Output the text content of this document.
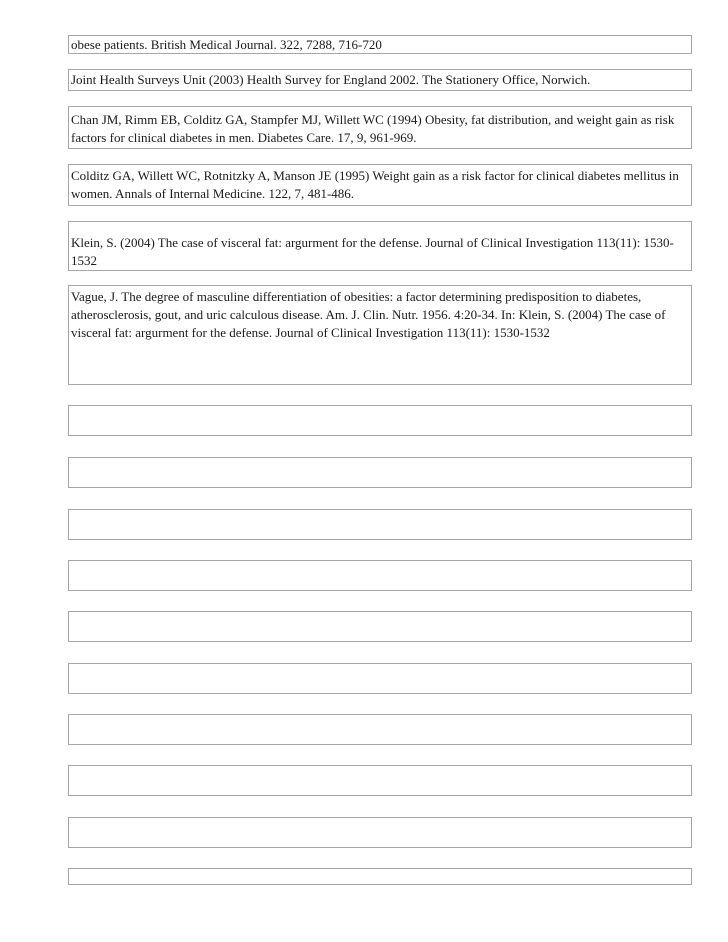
obese patients. British Medical Journal. 322, 7288, 716-720
Joint Health Surveys Unit (2003) Health Survey for England 2002. The Stationery Office, Norwich.
Chan JM, Rimm EB, Colditz GA, Stampfer MJ, Willett WC (1994) Obesity, fat distribution, and weight gain as risk factors for clinical diabetes in men. Diabetes Care. 17, 9, 961-969.
Colditz GA, Willett WC, Rotnitzky A, Manson JE (1995) Weight gain as a risk factor for clinical diabetes mellitus in women. Annals of Internal Medicine. 122, 7, 481-486.
Klein, S. (2004) The case of visceral fat: argurment for the defense. Journal of Clinical Investigation 113(11): 1530-1532
Vague, J. The degree of masculine differentiation of obesities: a factor determining predisposition to diabetes, atherosclerosis, gout, and uric calculous disease. Am. J. Clin. Nutr. 1956. 4:20-34. In: Klein, S. (2004) The case of visceral fat: argurment for the defense. Journal of Clinical Investigation 113(11): 1530-1532
